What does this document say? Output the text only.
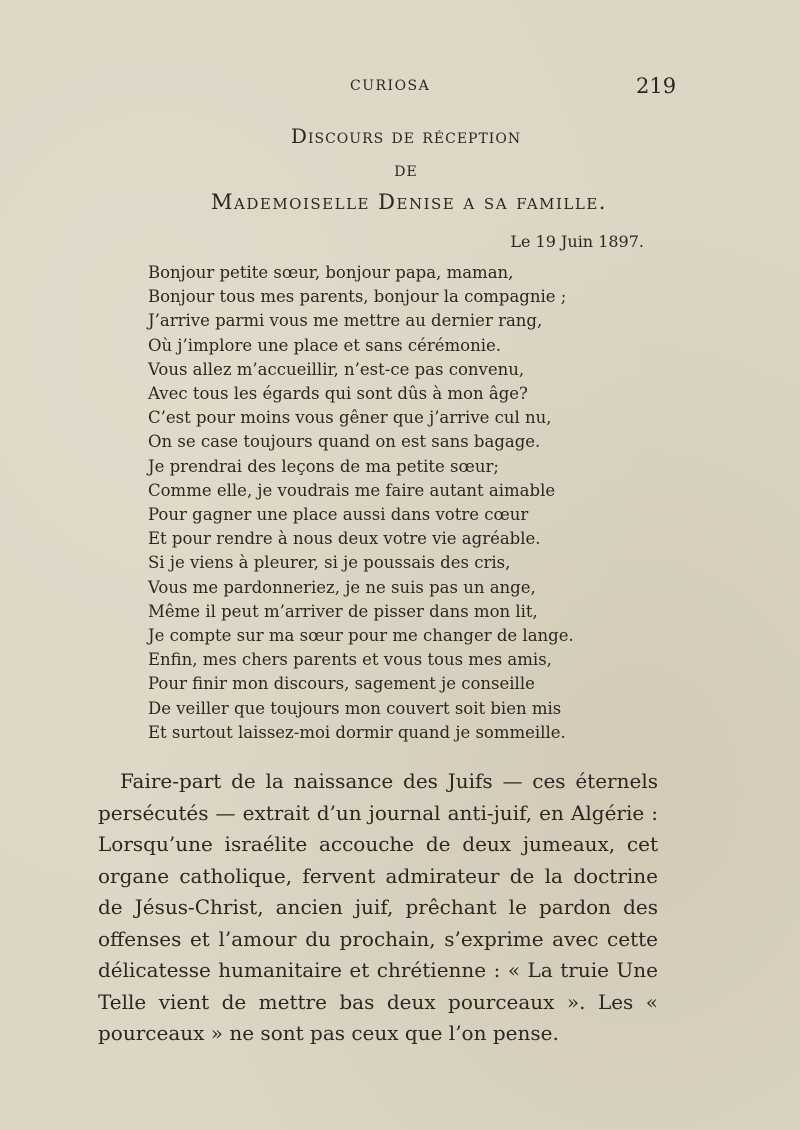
CURIOSA	219
Discours de réception
DE
Mademoiselle Denise a sa famille.
Le 19 Juin 1897.
Bonjour petite sœur, bonjour papa, maman,
Bonjour tous mes parents, bonjour la compagnie ;
J’arrive parmi vous me mettre au dernier rang,
Où j’implore une place et sans cérémonie.
Vous allez m’accueillir, n’est-ce pas convenu,
Avec tous les égards qui sont dûs à mon âge?
C’est pour moins vous gêner que j’arrive cul nu,
On se case toujours quand on est sans bagage.
Je prendrai des leçons de ma petite sœur;
Comme elle, je voudrais me faire autant aimable
Pour gagner une place aussi dans votre cœur
Et pour rendre à nous deux votre vie agréable.
Si je viens à pleurer, si je poussais des cris,
Vous me pardonneriez, je ne suis pas un ange,
Même il peut m’arriver de pisser dans mon lit,
Je compte sur ma sœur pour me changer de lange.
Enfin, mes chers parents et vous tous mes amis,
Pour finir mon discours, sagement je conseille
De veiller que toujours mon couvert soit bien mis
Et surtout laissez-moi dormir quand je sommeille.

Faire-part de la naissance des Juifs — ces éternels persécutés — extrait d’un journal anti-juif, en Algérie : Lorsqu’une israélite accouche de deux jumeaux, cet organe catholique, fervent admirateur de la doctrine de Jésus-Christ, ancien juif, prêchant le pardon des offenses et l’amour du prochain, s’exprime avec cette délicatesse humanitaire et chrétienne : « La truie Une Telle vient de mettre bas deux pourceaux ». Les « pourceaux » ne sont pas ceux que l’on pense.
